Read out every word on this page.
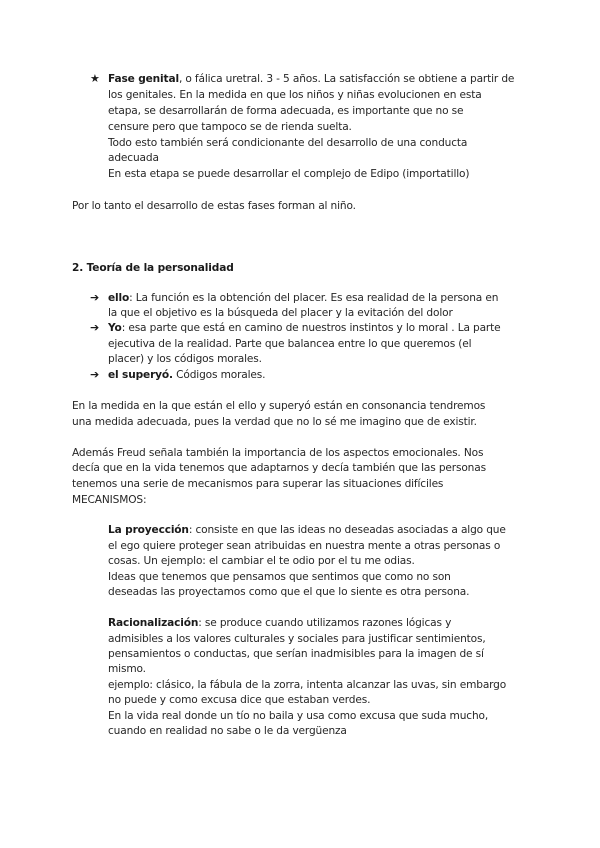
★ Fase genital, o fálica uretral. 3 - 5 años. La satisfacción se obtiene a partir de
los genitales. En la medida en que los niños y niñas evolucionen en esta
etapa, se desarrollarán de forma adecuada, es importante que no se
censure pero que tampoco se de rienda suelta.
Todo esto también será condicionante del desarrollo de una conducta
adecuada
En esta etapa se puede desarrollar el complejo de Edipo (importatillo)
Por lo tanto el desarrollo de estas fases forman al niño.
2. Teoría de la personalidad
➔ ello: La función es la obtención del placer. Es esa realidad de la persona en
la que el objetivo es la búsqueda del placer y la evitación del dolor
➔ Yo: esa parte que está en camino de nuestros instintos y lo moral . La parte
ejecutiva de la realidad. Parte que balancea entre lo que queremos (el
placer) y los códigos morales.
➔ el superyó. Códigos morales.
En la medida en la que están el ello y superyó están en consonancia tendremos
una medida adecuada, pues la verdad que no lo sé me imagino que de existir.
Además Freud señala también la importancia de los aspectos emocionales. Nos
decía que en la vida tenemos que adaptarnos y decía también que las personas
tenemos una serie de mecanismos para superar las situaciones difíciles
MECANISMOS:
La proyección: consiste en que las ideas no deseadas asociadas a algo que
el ego quiere proteger sean atribuidas en nuestra mente a otras personas o
cosas. Un ejemplo: el cambiar el te odio por el tu me odias.
Ideas que tenemos que pensamos que sentimos que como no son
deseadas las proyectamos como que el que lo siente es otra persona.
Racionalización: se produce cuando utilizamos razones lógicas y
admisibles a los valores culturales y sociales para justificar sentimientos,
pensamientos o conductas, que serían inadmisibles para la imagen de sí
mismo.
ejemplo: clásico, la fábula de la zorra, intenta alcanzar las uvas, sin embargo
no puede y como excusa dice que estaban verdes.
En la vida real donde un tío no baila y usa como excusa que suda mucho,
cuando en realidad no sabe o le da vergüenza
